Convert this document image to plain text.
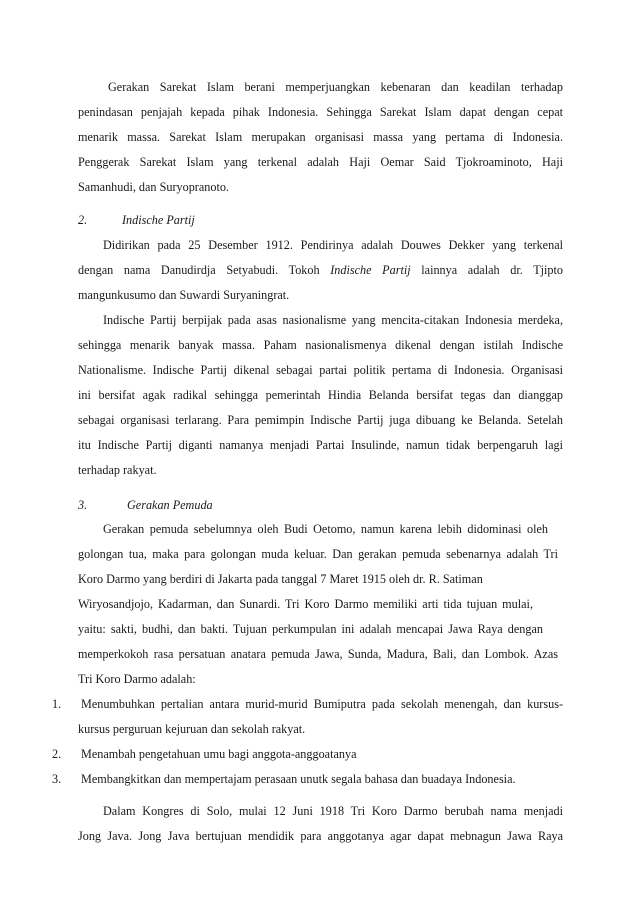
Gerakan Sarekat Islam berani memperjuangkan kebenaran dan keadilan terhadap
penindasan penjajah kepada pihak Indonesia. Sehingga Sarekat Islam dapat dengan cepat
menarik massa. Sarekat Islam merupakan organisasi massa yang pertama di Indonesia.
Penggerak Sarekat Islam yang terkenal adalah Haji Oemar Said Tjokroaminoto, Haji
Samanhudi, dan Suryopranoto.
2.	Indische Partij
Didirikan pada 25 Desember 1912. Pendirinya adalah Douwes Dekker yang terkenal
dengan nama Danudirdja Setyabudi. Tokoh Indische Partij lainnya adalah dr. Tjipto
mangunkusumo dan Suwardi Suryaningrat.
Indische Partij berpijak pada asas nasionalisme yang mencita-citakan Indonesia merdeka,
sehingga menarik banyak massa. Paham nasionalismenya dikenal dengan istilah Indische
Nationalisme. Indische Partij dikenal sebagai partai politik pertama di Indonesia. Organisasi
ini bersifat agak radikal sehingga pemerintah Hindia Belanda bersifat tegas dan dianggap
sebagai organisasi terlarang. Para pemimpin Indische Partij juga dibuang ke Belanda. Setelah
itu Indische Partij diganti namanya menjadi Partai Insulinde, namun tidak berpengaruh lagi
terhadap rakyat.
3.	Gerakan Pemuda
Gerakan pemuda sebelumnya oleh Budi Oetomo, namun karena lebih didominasi oleh
golongan tua, maka para golongan muda keluar. Dan gerakan pemuda sebenarnya adalah Tri
Koro Darmo yang berdiri di Jakarta pada tanggal 7 Maret 1915 oleh dr. R. Satiman
Wiryosandjojo, Kadarman, dan Sunardi. Tri Koro Darmo memiliki arti tida tujuan mulai,
yaitu: sakti, budhi, dan bakti. Tujuan perkumpulan ini adalah mencapai Jawa Raya dengan
memperkokoh rasa persatuan anatara pemuda Jawa, Sunda, Madura, Bali, dan Lombok. Azas
Tri Koro Darmo adalah:
1. Menumbuhkan pertalian antara murid-murid Bumiputra pada sekolah menengah, dan kursus-
kursus perguruan kejuruan dan sekolah rakyat.
2. Menambah pengetahuan umu bagi anggota-anggoatanya
3. Membangkitkan dan mempertajam perasaan unutk segala bahasa dan buadaya Indonesia.
Dalam Kongres di Solo, mulai 12 Juni 1918 Tri Koro Darmo berubah nama menjadi
Jong Java. Jong Java bertujuan mendidik para anggotanya agar dapat mebnagun Jawa Raya
